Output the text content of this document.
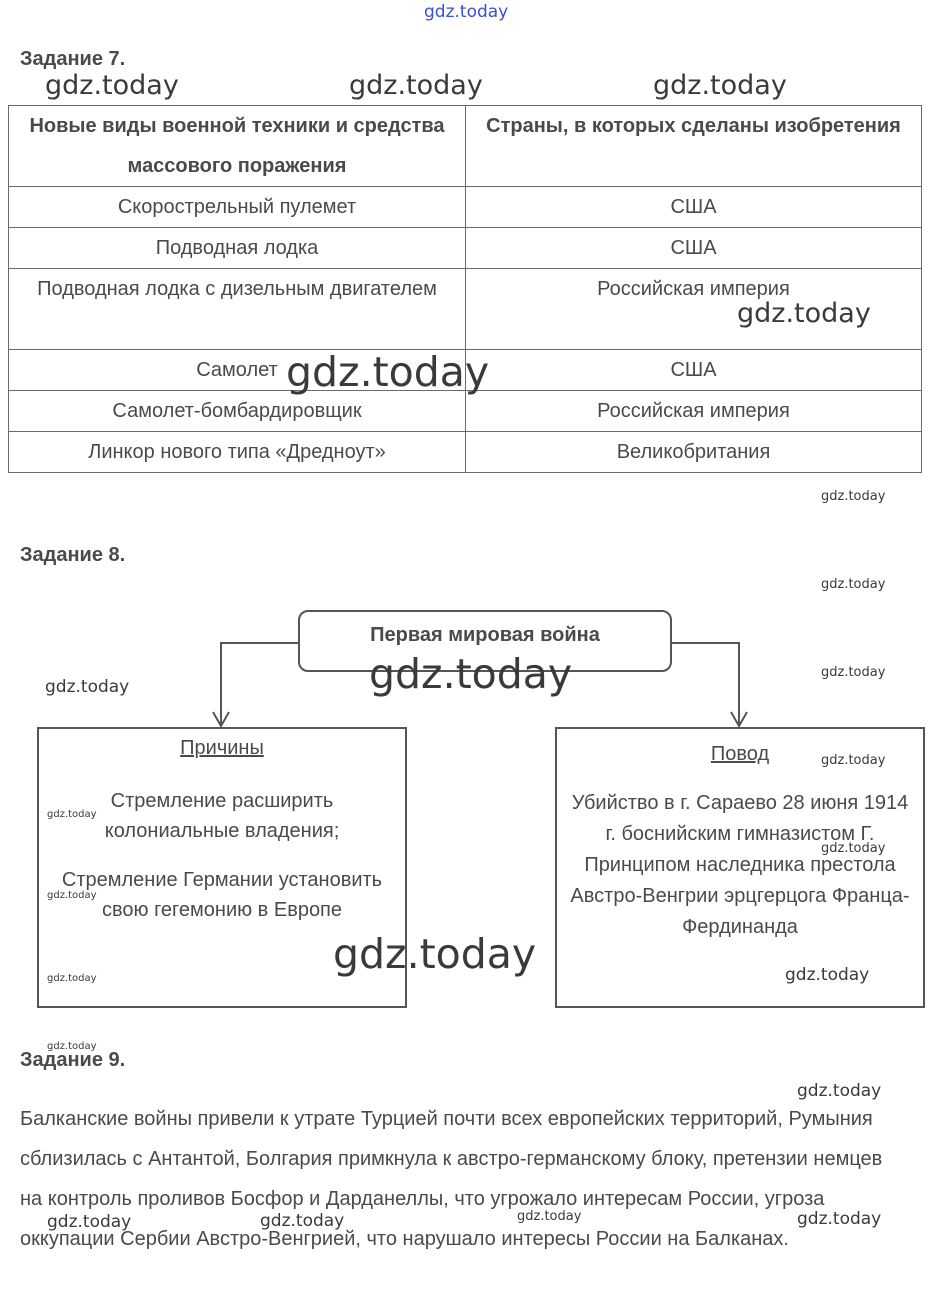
gdz.today
Задание 7.
Новые виды военной техники и средства массового поражения	Страны, в которых сделаны изобретения
Скорострельный пулемет	США
Подводная лодка	США
Подводная лодка с дизельным двигателем	Российская империя
Самолет	США
Самолет-бомбардировщик	Российская империя
Линкор нового типа «Дредноут»	Великобритания
Задание 8.
Первая мировая война
Причины
Стремление расширить колониальные владения;
Стремление Германии установить свою гегемонию в Европе
Повод
Убийство в г. Сараево 28 июня 1914 г. боснийским гимназистом Г. Принципом наследника престола Австро-Венгрии эрцгерцога Франца-Фердинанда
Задание 9.
Балканские войны привели к утрате Турцией почти всех европейских территорий, Румыния сблизилась с Антантой, Болгария примкнула к австро-германскому блоку, претензии немцев на контроль проливов Босфор и Дарданеллы, что угрожало интересам России, угроза оккупации Сербии Австро-Венгрией, что нарушало интересы России на Балканах.
gdz.today	gdz.today	gdz.today
gdz.today
gdz.today
gdz.today
gdz.today
gdz.today	gdz.today
gdz.today
gdz.today
gdz.today
gdz.today
gdz.today
gdz.today	gdz.today
gdz.today
gdz.today
gdz.today
gdz.today	gdz.today	gdz.today	gdz.today
